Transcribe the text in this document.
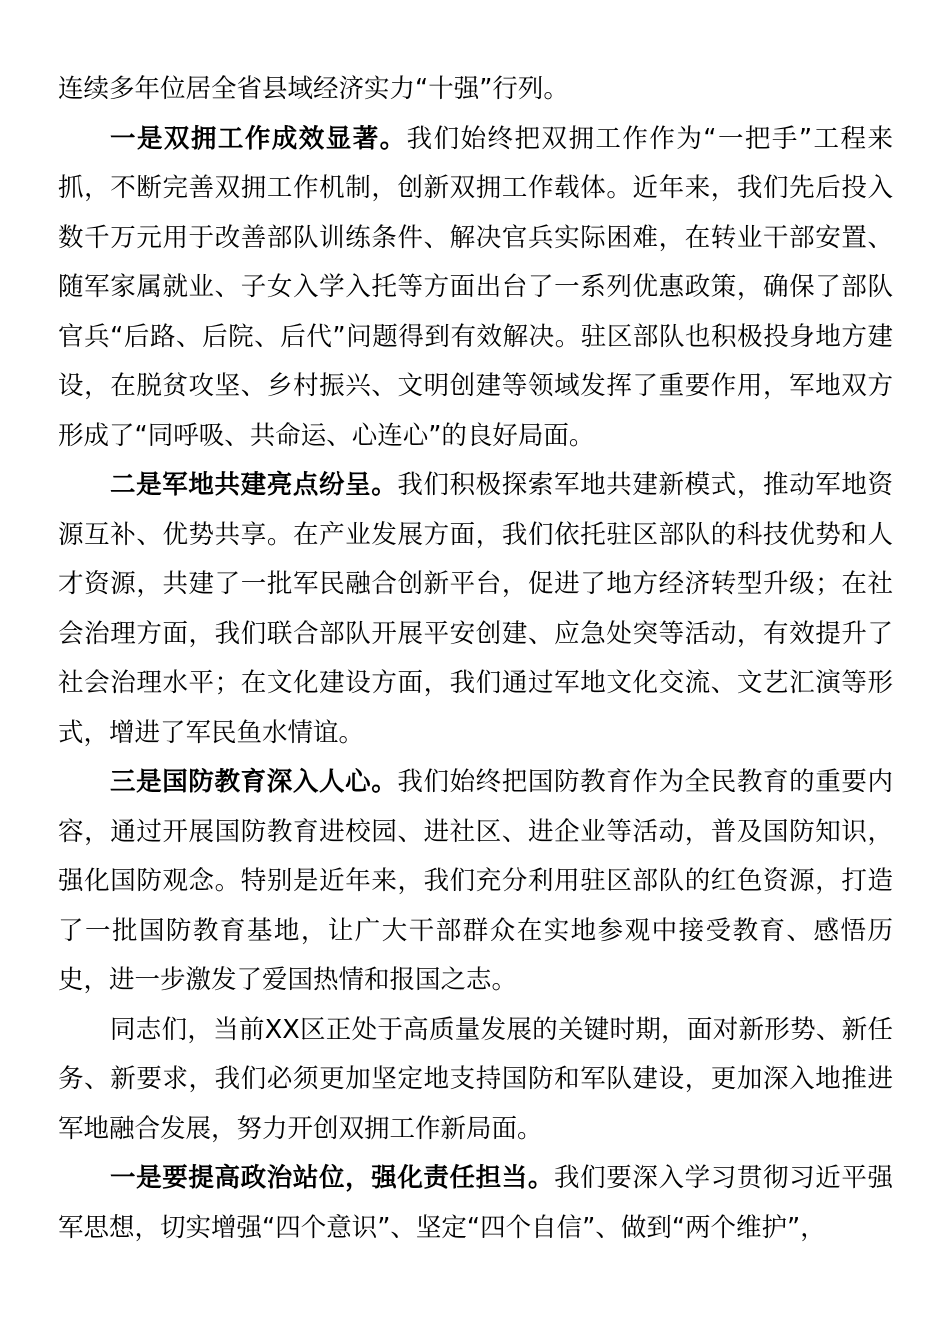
连续多年位居全省县域经济实力“十强”行列。

一是双拥工作成效显著。我们始终把双拥工作作为“一把手”工程来抓，不断完善双拥工作机制，创新双拥工作载体。近年来，我们先后投入数千万元用于改善部队训练条件、解决官兵实际困难，在转业干部安置、随军家属就业、子女入学入托等方面出台了一系列优惠政策，确保了部队官兵“后路、后院、后代”问题得到有效解决。驻区部队也积极投身地方建设，在脱贫攻坚、乡村振兴、文明创建等领域发挥了重要作用，军地双方形成了“同呼吸、共命运、心连心”的良好局面。

二是军地共建亮点纷呈。我们积极探索军地共建新模式，推动军地资源互补、优势共享。在产业发展方面，我们依托驻区部队的科技优势和人才资源，共建了一批军民融合创新平台，促进了地方经济转型升级；在社会治理方面，我们联合部队开展平安创建、应急处突等活动，有效提升了社会治理水平；在文化建设方面，我们通过军地文化交流、文艺汇演等形式，增进了军民鱼水情谊。

三是国防教育深入人心。我们始终把国防教育作为全民教育的重要内容，通过开展国防教育进校园、进社区、进企业等活动，普及国防知识，强化国防观念。特别是近年来，我们充分利用驻区部队的红色资源，打造了一批国防教育基地，让广大干部群众在实地参观中接受教育、感悟历史，进一步激发了爱国热情和报国之志。

同志们，当前XX区正处于高质量发展的关键时期，面对新形势、新任务、新要求，我们必须更加坚定地支持国防和军队建设，更加深入地推进军地融合发展，努力开创双拥工作新局面。

一是要提高政治站位，强化责任担当。我们要深入学习贯彻习近平强军思想，切实增强“四个意识”、坚定“四个自信”、做到“两个维护”，
